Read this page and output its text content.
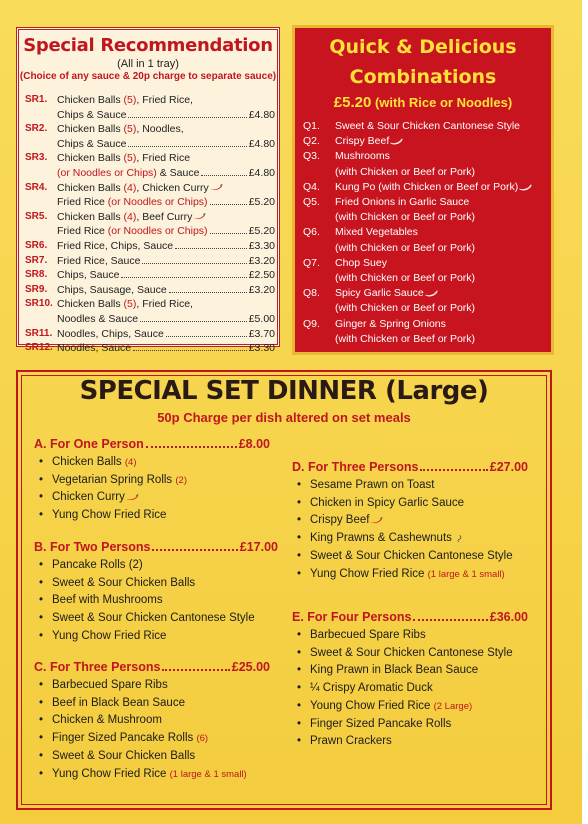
Special Recommendation
(All in 1 tray)
(Choice of any sauce & 20p charge to separate sauce)
SR1. Chicken Balls (5), Fried Rice,
Chips & Sauce	£4.80
SR2. Chicken Balls (5), Noodles,
Chips & Sauce	£4.80
SR3. Chicken Balls (5), Fried Rice
(or Noodles or Chips) & Sauce	£4.80
SR4. Chicken Balls (4), Chicken Curry
Fried Rice (or Noodles or Chips)	£5.20
SR5. Chicken Balls (4), Beef Curry
Fried Rice (or Noodles or Chips)	£5.20
SR6. Fried Rice, Chips, Sauce	£3.30
SR7. Fried Rice, Sauce	£3.20
SR8. Chips, Sauce	£2.50
SR9. Chips, Sausage, Sauce	£3.20
SR10. Chicken Balls (5), Fried Rice,
Noodles & Sauce	£5.00
SR11. Noodles, Chips, Sauce	£3.70
SR12. Noodles, Sauce	£3.30
Quick & Delicious
Combinations
£5.20 (with Rice or Noodles)
Q1. Sweet & Sour Chicken Cantonese Style
Q2. Crispy Beef
Q3. Mushrooms
(with Chicken or Beef or Pork)
Q4. Kung Po (with Chicken or Beef or Pork)
Q5. Fried Onions in Garlic Sauce
(with Chicken or Beef or Pork)
Q6. Mixed Vegetables
(with Chicken or Beef or Pork)
Q7. Chop Suey
(with Chicken or Beef or Pork)
Q8. Spicy Garlic Sauce
(with Chicken or Beef or Pork)
Q9. Ginger & Spring Onions
(with Chicken or Beef or Pork)
SPECIAL SET DINNER (Large)
50p Charge per dish altered on set meals
A. For One Person	£8.00
• Chicken Balls (4)
• Vegetarian Spring Rolls (2)
• Chicken Curry
• Yung Chow Fried Rice
B. For Two Persons	£17.00
• Pancake Rolls (2)
• Sweet & Sour Chicken Balls
• Beef with Mushrooms
• Sweet & Sour Chicken Cantonese Style
• Yung Chow Fried Rice
C. For Three Persons	£25.00
• Barbecued Spare Ribs
• Beef in Black Bean Sauce
• Chicken & Mushroom
• Finger Sized Pancake Rolls (6)
• Sweet & Sour Chicken Balls
• Yung Chow Fried Rice (1 large & 1 small)
D. For Three Persons	£27.00
• Sesame Prawn on Toast
• Chicken in Spicy Garlic Sauce
• Crispy Beef
• King Prawns & Cashewnuts
• Sweet & Sour Chicken Cantonese Style
• Yung Chow Fried Rice (1 large & 1 small)
E. For Four Persons	£36.00
• Barbecued Spare Ribs
• Sweet & Sour Chicken Cantonese Style
• King Prawn in Black Bean Sauce
• ¼ Crispy Aromatic Duck
• Young Chow Fried Rice (2 Large)
• Finger Sized Pancake Rolls
• Prawn Crackers
